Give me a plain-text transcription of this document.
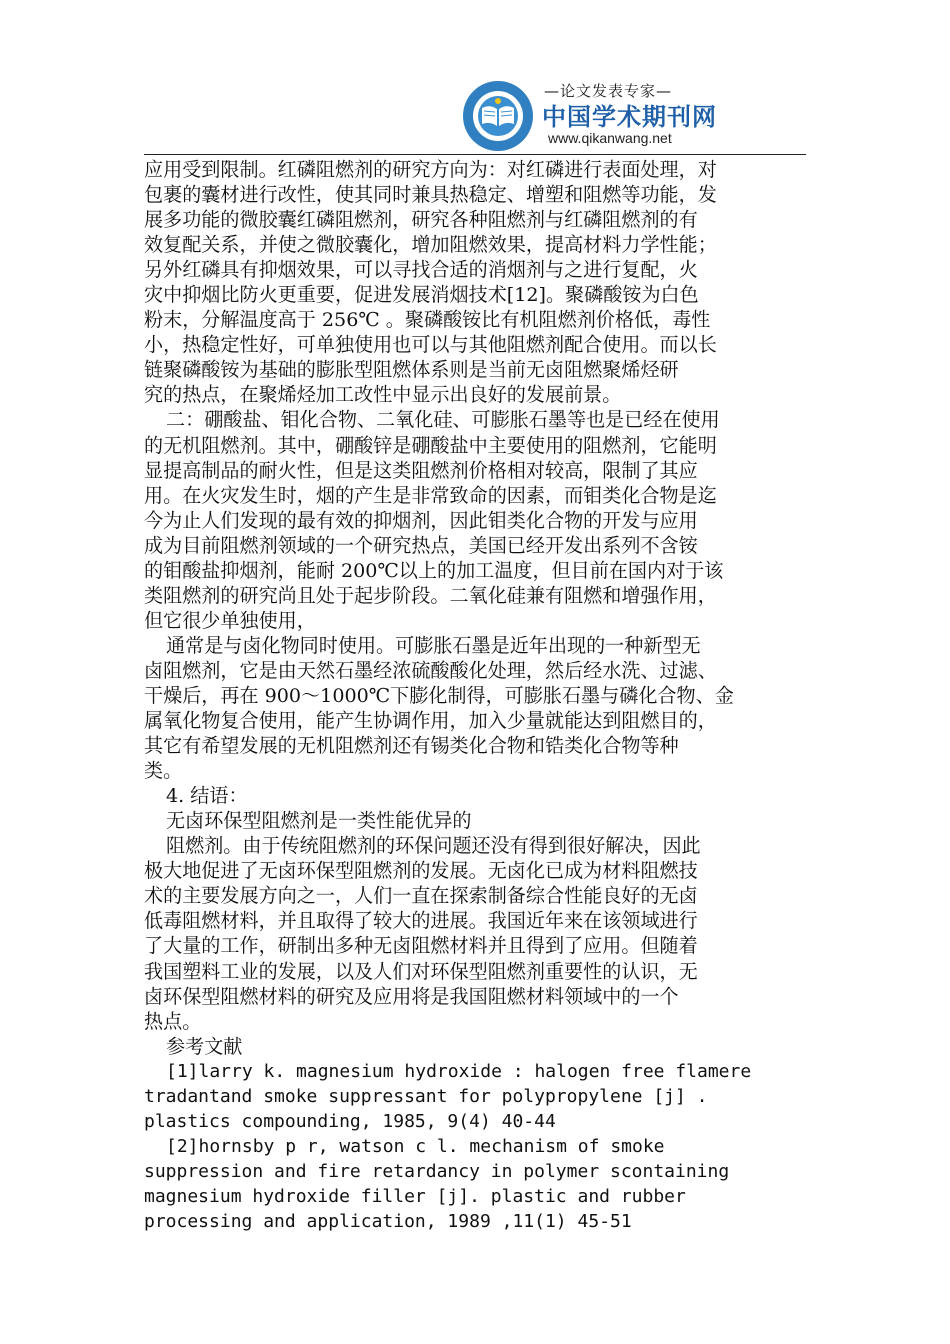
—论文发表专家—
中国学术期刊网
www.qikanwang.net
应用受到限制。红磷阻燃剂的研究方向为：对红磷进行表面处理，对
包裹的囊材进行改性，使其同时兼具热稳定、增塑和阻燃等功能，发
展多功能的微胶囊红磷阻燃剂，研究各种阻燃剂与红磷阻燃剂的有
效复配关系，并使之微胶囊化，增加阻燃效果，提高材料力学性能；
另外红磷具有抑烟效果，可以寻找合适的消烟剂与之进行复配，火
灾中抑烟比防火更重要，促进发展消烟技术[12]。聚磷酸铵为白色
粉末，分解温度高于 256℃ 。聚磷酸铵比有机阻燃剂价格低，毒性
小，热稳定性好，可单独使用也可以与其他阻燃剂配合使用。而以长
链聚磷酸铵为基础的膨胀型阻燃体系则是当前无卤阻燃聚烯烃研
究的热点，在聚烯烃加工改性中显示出良好的发展前景。
二：硼酸盐、钼化合物、二氧化硅、可膨胀石墨等也是已经在使用
的无机阻燃剂。其中，硼酸锌是硼酸盐中主要使用的阻燃剂，它能明
显提高制品的耐火性，但是这类阻燃剂价格相对较高，限制了其应
用。在火灾发生时，烟的产生是非常致命的因素，而钼类化合物是迄
今为止人们发现的最有效的抑烟剂，因此钼类化合物的开发与应用
成为目前阻燃剂领域的一个研究热点，美国已经开发出系列不含铵
的钼酸盐抑烟剂，能耐 200℃以上的加工温度，但目前在国内对于该
类阻燃剂的研究尚且处于起步阶段。二氧化硅兼有阻燃和增强作用，
但它很少单独使用，
通常是与卤化物同时使用。可膨胀石墨是近年出现的一种新型无
卤阻燃剂，它是由天然石墨经浓硫酸酸化处理，然后经水洗、过滤、
干燥后，再在 900～1000℃下膨化制得，可膨胀石墨与磷化合物、金
属氧化物复合使用，能产生协调作用，加入少量就能达到阻燃目的，
其它有希望发展的无机阻燃剂还有锡类化合物和锆类化合物等种
类。
4. 结语：
无卤环保型阻燃剂是一类性能优异的
阻燃剂。由于传统阻燃剂的环保问题还没有得到很好解决，因此
极大地促进了无卤环保型阻燃剂的发展。无卤化已成为材料阻燃技
术的主要发展方向之一，人们一直在探索制备综合性能良好的无卤
低毒阻燃材料，并且取得了较大的进展。我国近年来在该领域进行
了大量的工作，研制出多种无卤阻燃材料并且得到了应用。但随着
我国塑料工业的发展，以及人们对环保型阻燃剂重要性的认识，无
卤环保型阻燃材料的研究及应用将是我国阻燃材料领域中的一个
热点。
参考文献
[1]larry k. magnesium hydroxide : halogen free flamere
tradantand smoke suppressant for polypropylene [j] .
plastics compounding, 1985, 9(4) 40-44
[2]hornsby p r, watson c l. mechanism of smoke
suppression and fire retardancy in polymer scontaining
magnesium hydroxide filler [j]. plastic and rubber
processing and application, 1989 ,11(1) 45-51
